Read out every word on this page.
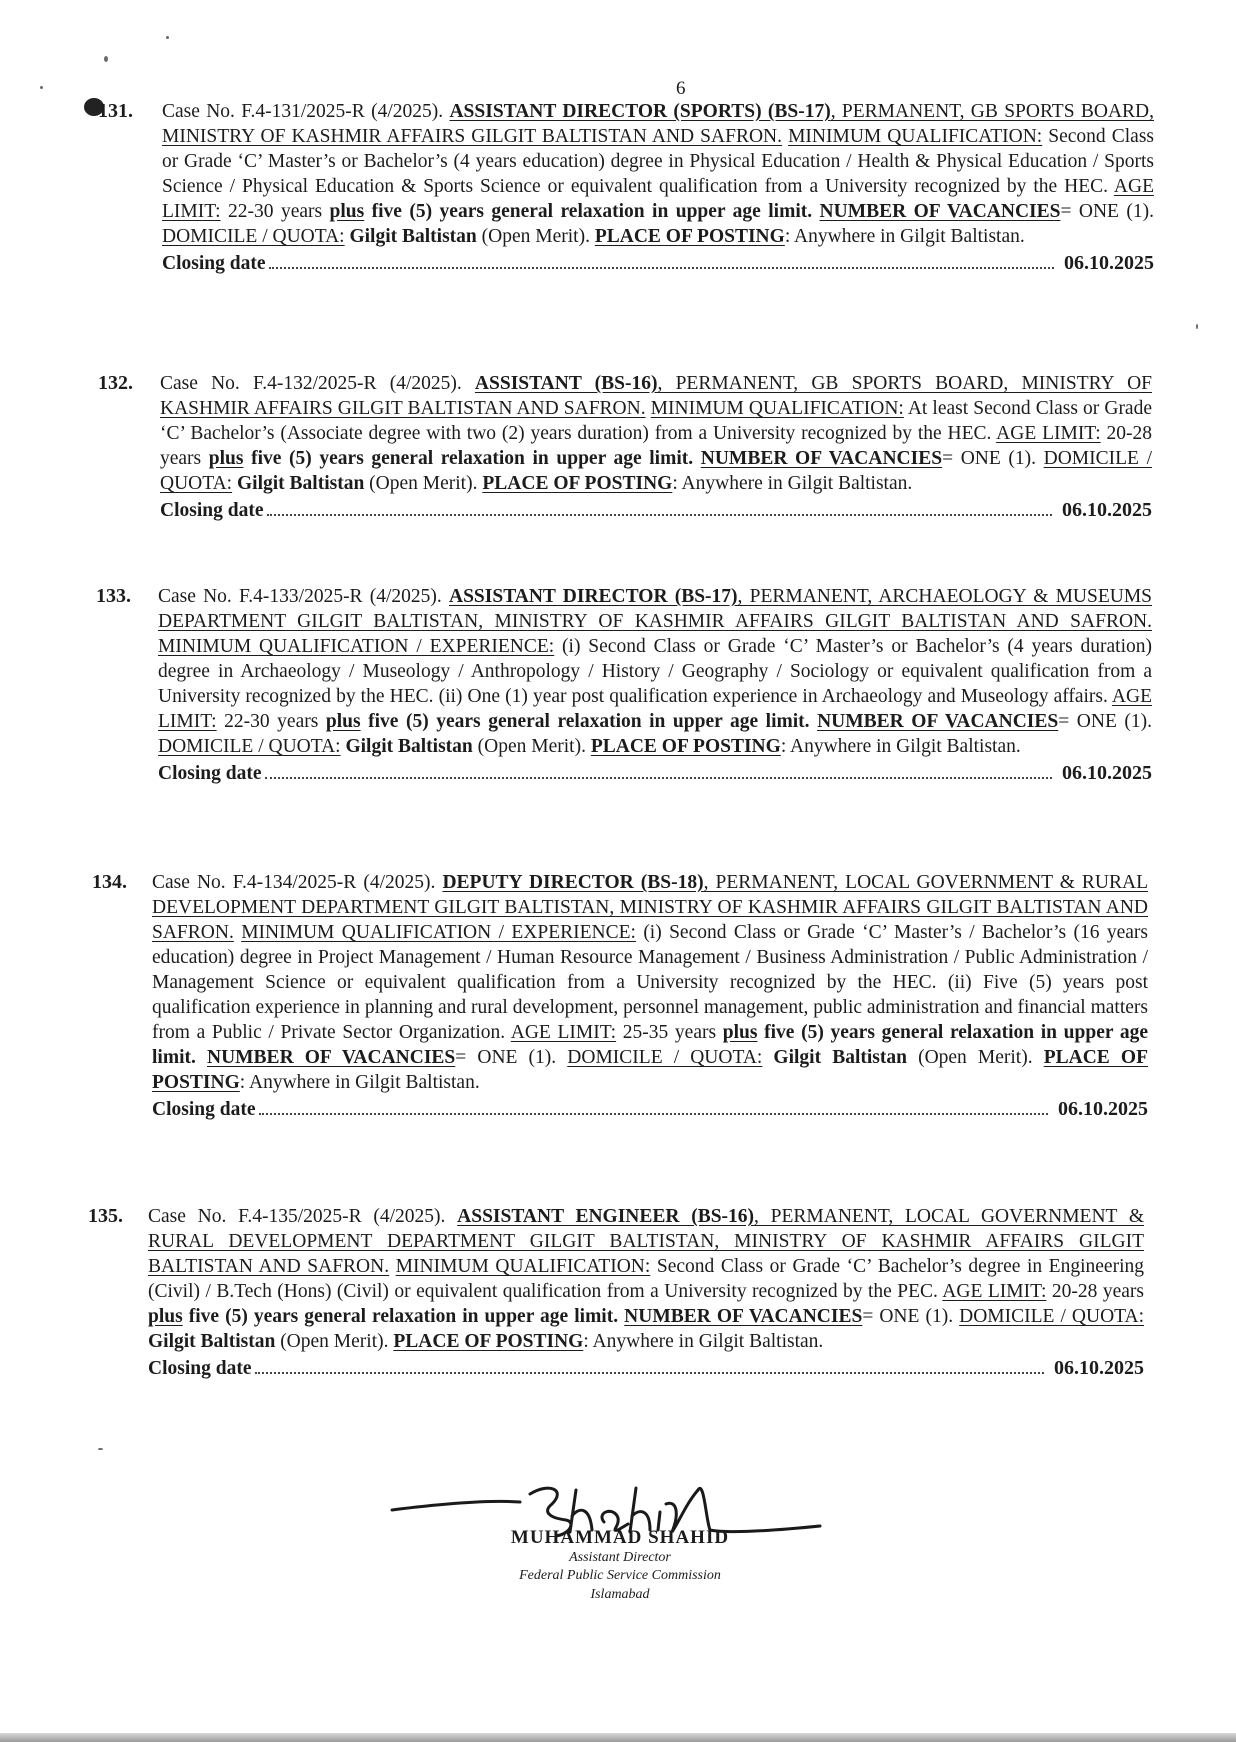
6
131. Case No. F.4-131/2025-R (4/2025). ASSISTANT DIRECTOR (SPORTS) (BS-17), PERMANENT, GB SPORTS BOARD, MINISTRY OF KASHMIR AFFAIRS GILGIT BALTISTAN AND SAFRON. MINIMUM QUALIFICATION: Second Class or Grade ‘C’ Master’s or Bachelor’s (4 years education) degree in Physical Education / Health & Physical Education / Sports Science / Physical Education & Sports Science or equivalent qualification from a University recognized by the HEC. AGE LIMIT: 22-30 years plus five (5) years general relaxation in upper age limit. NUMBER OF VACANCIES= ONE (1). DOMICILE / QUOTA: Gilgit Baltistan (Open Merit). PLACE OF POSTING: Anywhere in Gilgit Baltistan.
Closing date	06.10.2025
132. Case No. F.4-132/2025-R (4/2025). ASSISTANT (BS-16), PERMANENT, GB SPORTS BOARD, MINISTRY OF KASHMIR AFFAIRS GILGIT BALTISTAN AND SAFRON. MINIMUM QUALIFICATION: At least Second Class or Grade ‘C’ Bachelor’s (Associate degree with two (2) years duration) from a University recognized by the HEC. AGE LIMIT: 20-28 years plus five (5) years general relaxation in upper age limit. NUMBER OF VACANCIES= ONE (1). DOMICILE / QUOTA: Gilgit Baltistan (Open Merit). PLACE OF POSTING: Anywhere in Gilgit Baltistan.
Closing date	06.10.2025
133. Case No. F.4-133/2025-R (4/2025). ASSISTANT DIRECTOR (BS-17), PERMANENT, ARCHAEOLOGY & MUSEUMS DEPARTMENT GILGIT BALTISTAN, MINISTRY OF KASHMIR AFFAIRS GILGIT BALTISTAN AND SAFRON. MINIMUM QUALIFICATION / EXPERIENCE: (i) Second Class or Grade ‘C’ Master’s or Bachelor’s (4 years duration) degree in Archaeology / Museology / Anthropology / History / Geography / Sociology or equivalent qualification from a University recognized by the HEC. (ii) One (1) year post qualification experience in Archaeology and Museology affairs. AGE LIMIT: 22-30 years plus five (5) years general relaxation in upper age limit. NUMBER OF VACANCIES= ONE (1). DOMICILE / QUOTA: Gilgit Baltistan (Open Merit). PLACE OF POSTING: Anywhere in Gilgit Baltistan.
Closing date	06.10.2025
134. Case No. F.4-134/2025-R (4/2025). DEPUTY DIRECTOR (BS-18), PERMANENT, LOCAL GOVERNMENT & RURAL DEVELOPMENT DEPARTMENT GILGIT BALTISTAN, MINISTRY OF KASHMIR AFFAIRS GILGIT BALTISTAN AND SAFRON. MINIMUM QUALIFICATION / EXPERIENCE: (i) Second Class or Grade ‘C’ Master’s / Bachelor’s (16 years education) degree in Project Management / Human Resource Management / Business Administration / Public Administration / Management Science or equivalent qualification from a University recognized by the HEC. (ii) Five (5) years post qualification experience in planning and rural development, personnel management, public administration and financial matters from a Public / Private Sector Organization. AGE LIMIT: 25-35 years plus five (5) years general relaxation in upper age limit. NUMBER OF VACANCIES= ONE (1). DOMICILE / QUOTA: Gilgit Baltistan (Open Merit). PLACE OF POSTING: Anywhere in Gilgit Baltistan.
Closing date	06.10.2025
135. Case No. F.4-135/2025-R (4/2025). ASSISTANT ENGINEER (BS-16), PERMANENT, LOCAL GOVERNMENT & RURAL DEVELOPMENT DEPARTMENT GILGIT BALTISTAN, MINISTRY OF KASHMIR AFFAIRS GILGIT BALTISTAN AND SAFRON. MINIMUM QUALIFICATION: Second Class or Grade ‘C’ Bachelor’s degree in Engineering (Civil) / B.Tech (Hons) (Civil) or equivalent qualification from a University recognized by the PEC. AGE LIMIT: 20-28 years plus five (5) years general relaxation in upper age limit. NUMBER OF VACANCIES= ONE (1). DOMICILE / QUOTA: Gilgit Baltistan (Open Merit). PLACE OF POSTING: Anywhere in Gilgit Baltistan.
Closing date	06.10.2025
MUHAMMAD SHAHID
Assistant Director
Federal Public Service Commission
Islamabad
